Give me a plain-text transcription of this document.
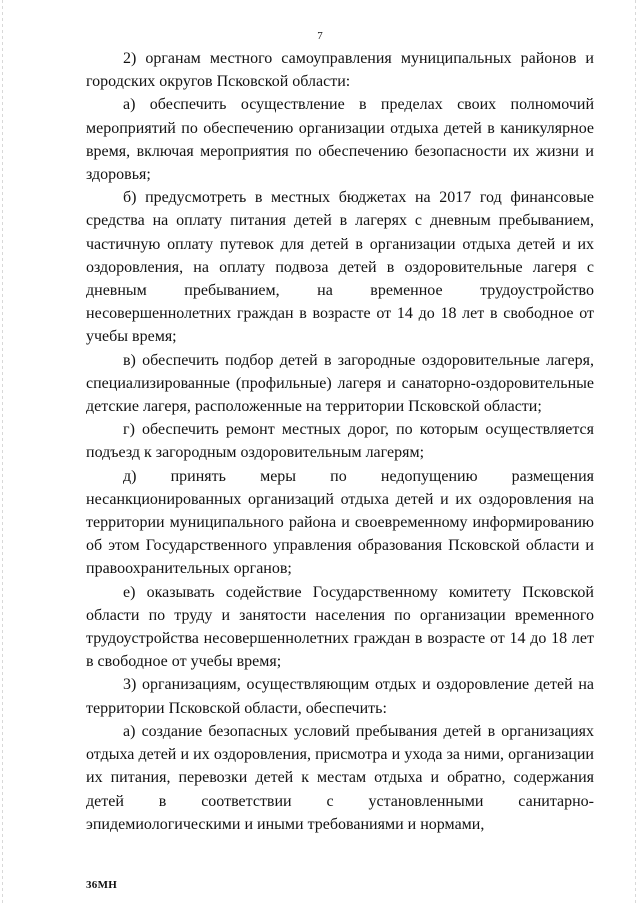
7

2) органам местного самоуправления муниципальных районов и городских округов Псковской области:

а) обеспечить осуществление в пределах своих полномочий мероприятий по обеспечению организации отдыха детей в каникулярное время, включая мероприятия по обеспечению безопасности их жизни и здоровья;

б) предусмотреть в местных бюджетах на 2017 год финансовые средства на оплату питания детей в лагерях с дневным пребыванием, частичную оплату путевок для детей в организации отдыха детей и их оздоровления, на оплату подвоза детей в оздоровительные лагеря с дневным пребыванием, на временное трудоустройство несовершеннолетних граждан в возрасте от 14 до 18 лет в свободное от учебы время;

в) обеспечить подбор детей в загородные оздоровительные лагеря, специализированные (профильные) лагеря и санаторно-оздоровительные детские лагеря, расположенные на территории Псковской области;

г) обеспечить ремонт местных дорог, по которым осуществляется подъезд к загородным оздоровительным лагерям;

д) принять меры по недопущению размещения несанкционированных организаций отдыха детей и их оздоровления на территории муниципального района и своевременному информированию об этом Государственного управления образования Псковской области и правоохранительных органов;

е) оказывать содействие Государственному комитету Псковской области по труду и занятости населения по организации временного трудоустройства несовершеннолетних граждан в возрасте от 14 до 18 лет в свободное от учебы время;

3) организациям, осуществляющим отдых и оздоровление детей на территории Псковской области, обеспечить:

а) создание безопасных условий пребывания детей в организациях отдыха детей и их оздоровления, присмотра и ухода за ними, организации их питания, перевозки детей к местам отдыха и обратно, содержания детей в соответствии с установленными санитарно-эпидемиологическими и иными требованиями и нормами,

36МН
